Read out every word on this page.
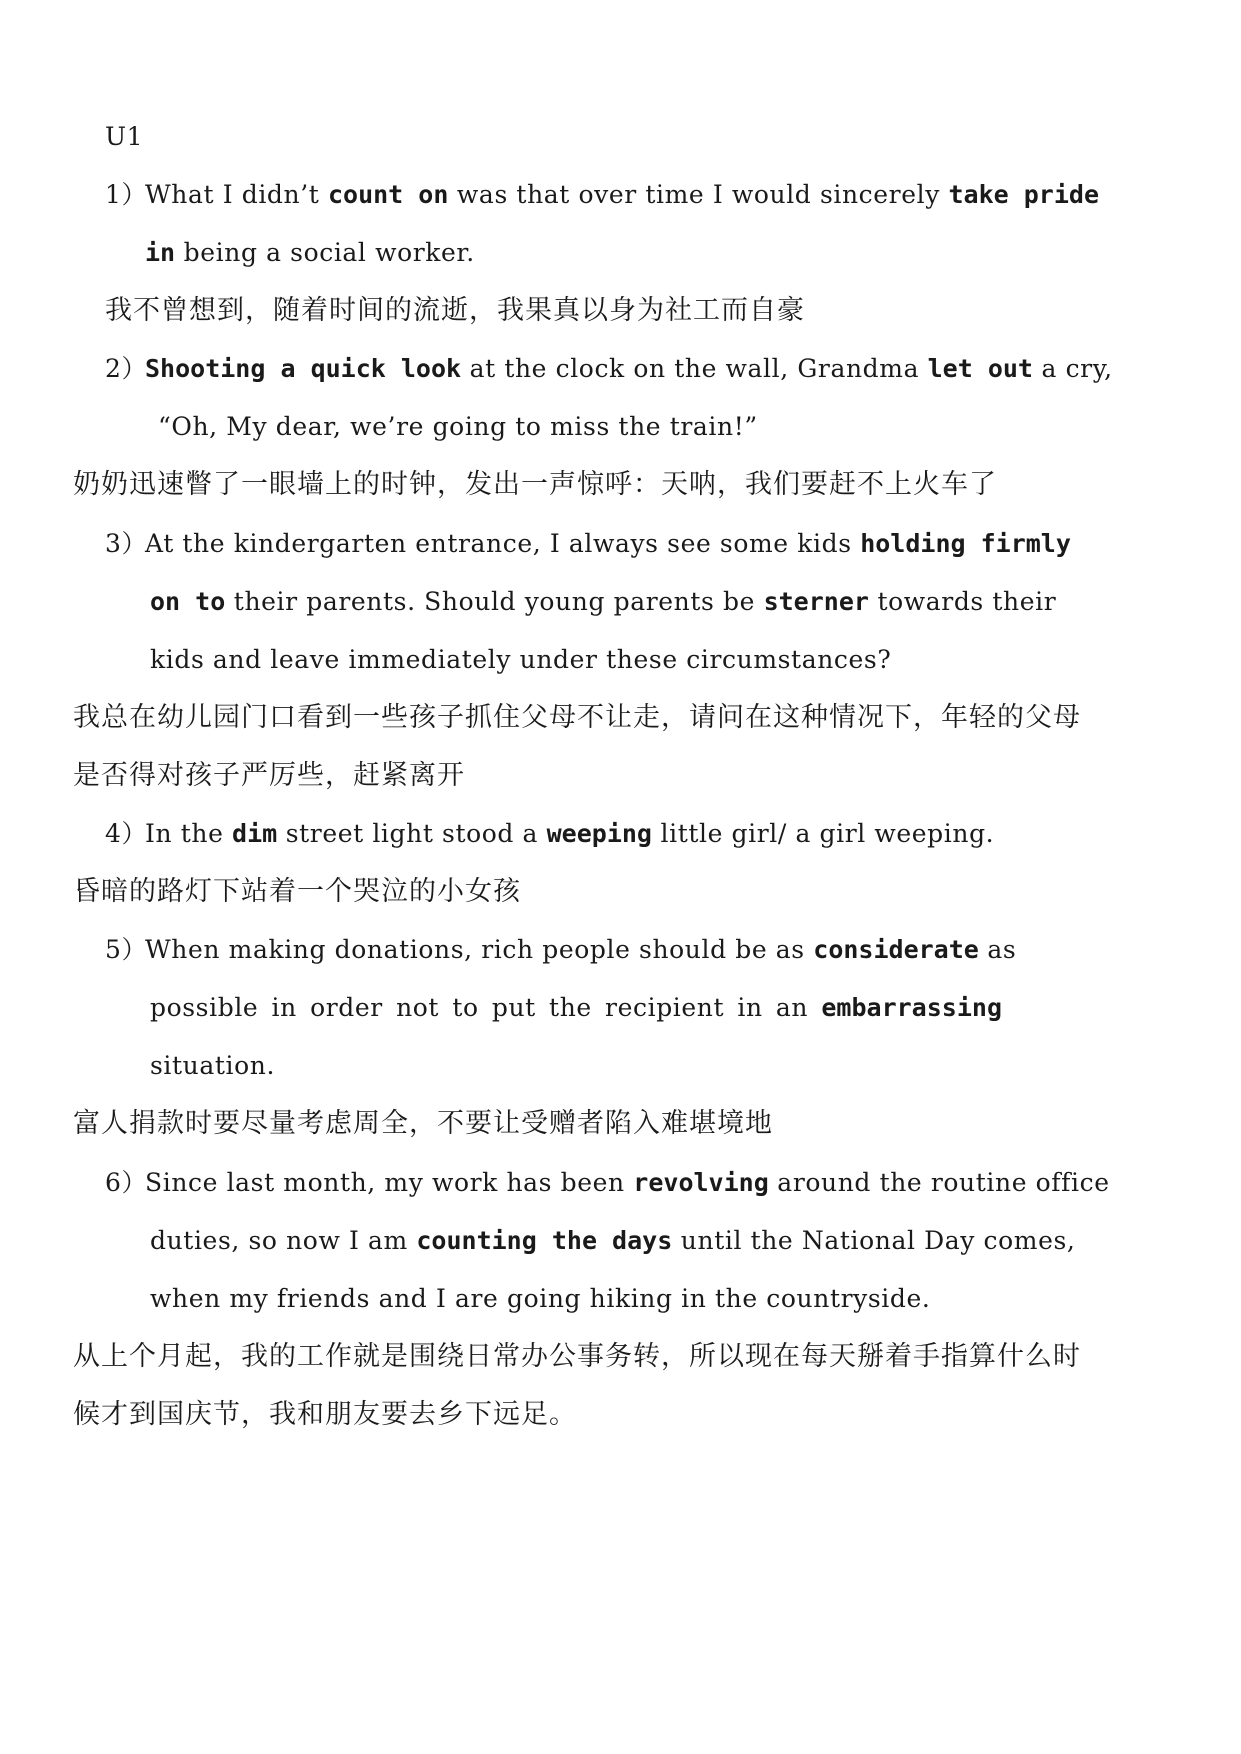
U1
1）
What I didn’t count on was that over time I would sincerely take pride
in being a social worker.
我不曾想到，随着时间的流逝，我果真以身为社工而自豪
2）
Shooting a quick look at the clock on the wall, Grandma let out a cry,
“Oh, My dear, we’re going to miss the train!”
奶奶迅速瞥了一眼墙上的时钟，发出一声惊呼：天呐，我们要赶不上火车了
3）
At the kindergarten entrance, I always see some kids holding firmly
on to their parents. Should young parents be sterner towards their
kids and leave immediately under these circumstances?
我总在幼儿园门口看到一些孩子抓住父母不让走，请问在这种情况下，年轻的父母
是否得对孩子严厉些，赶紧离开
4）
In the dim street light stood a weeping little girl/ a girl weeping.
昏暗的路灯下站着一个哭泣的小女孩
5）
When making donations, rich people should be as considerate as
possible in order not to put the recipient in an embarrassing
situation.
富人捐款时要尽量考虑周全，不要让受赠者陷入难堪境地
6）
Since last month, my work has been revolving around the routine office
duties, so now I am counting the days until the National Day comes,
when my friends and I are going hiking in the countryside.
从上个月起，我的工作就是围绕日常办公事务转，所以现在每天掰着手指算什么时
候才到国庆节，我和朋友要去乡下远足。
